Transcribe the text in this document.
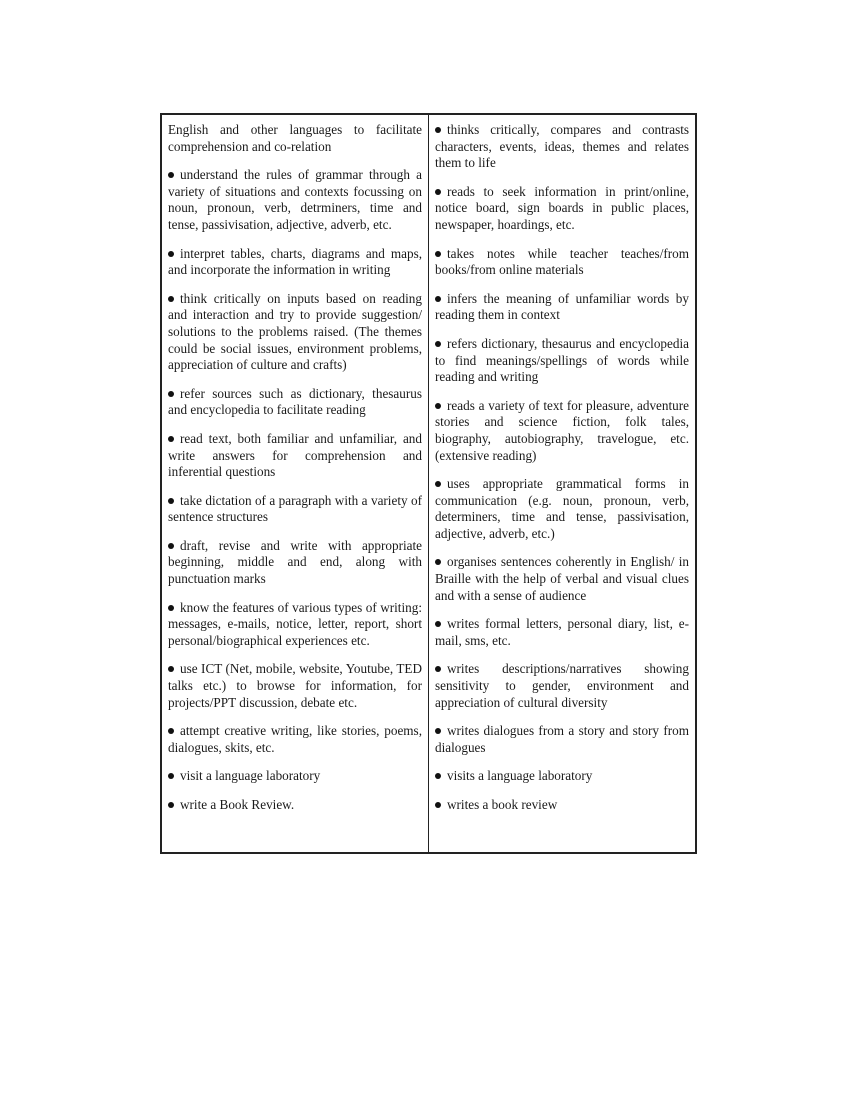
English and other languages to facilitate comprehension and co-relation

understand the rules of grammar through a variety of situations and contexts focussing on noun, pronoun, verb, detrminers, time and tense, passivisation, adjective, adverb, etc.

interpret tables, charts, diagrams and maps, and incorporate the information in writing

think critically on inputs based on reading and interaction and try to provide suggestion/ solutions to the problems raised. (The themes could be social issues, environment problems, appreciation of culture and crafts)

refer sources such as dictionary, thesaurus and encyclopedia to facilitate reading

read text, both familiar and unfamiliar, and write answers for comprehension and inferential questions

take dictation of a paragraph with a variety of sentence structures

draft, revise and write with appropriate beginning, middle and end, along with punctuation marks

know the features of various types of writing: messages, e-mails, notice, letter, report, short personal/biographical experiences etc.

use ICT (Net, mobile, website, Youtube, TED talks etc.) to browse for information, for projects/PPT discussion, debate etc.

attempt creative writing, like stories, poems, dialogues, skits, etc.

visit a language laboratory

write a Book Review.

thinks critically, compares and contrasts characters, events, ideas, themes and relates them to life

reads to seek information in print/online, notice board, sign boards in public places, newspaper, hoardings, etc.

takes notes while teacher teaches/from books/from online materials

infers the meaning of unfamiliar words by reading them in context

refers dictionary, thesaurus and encyclopedia to find meanings/spellings of words while reading and writing

reads a variety of text for pleasure, adventure stories and science fiction, folk tales, biography, autobiography, travelogue, etc. (extensive reading)

uses appropriate grammatical forms in communication (e.g. noun, pronoun, verb, determiners, time and tense, passivisation, adjective, adverb, etc.)

organises sentences coherently in English/ in Braille with the help of verbal and visual clues and with a sense of audience

writes formal letters, personal diary, list, e-mail, sms, etc.

writes descriptions/narratives showing sensitivity to gender, environment and appreciation of cultural diversity

writes dialogues from a story and story from dialogues

visits a language laboratory

writes a book review
